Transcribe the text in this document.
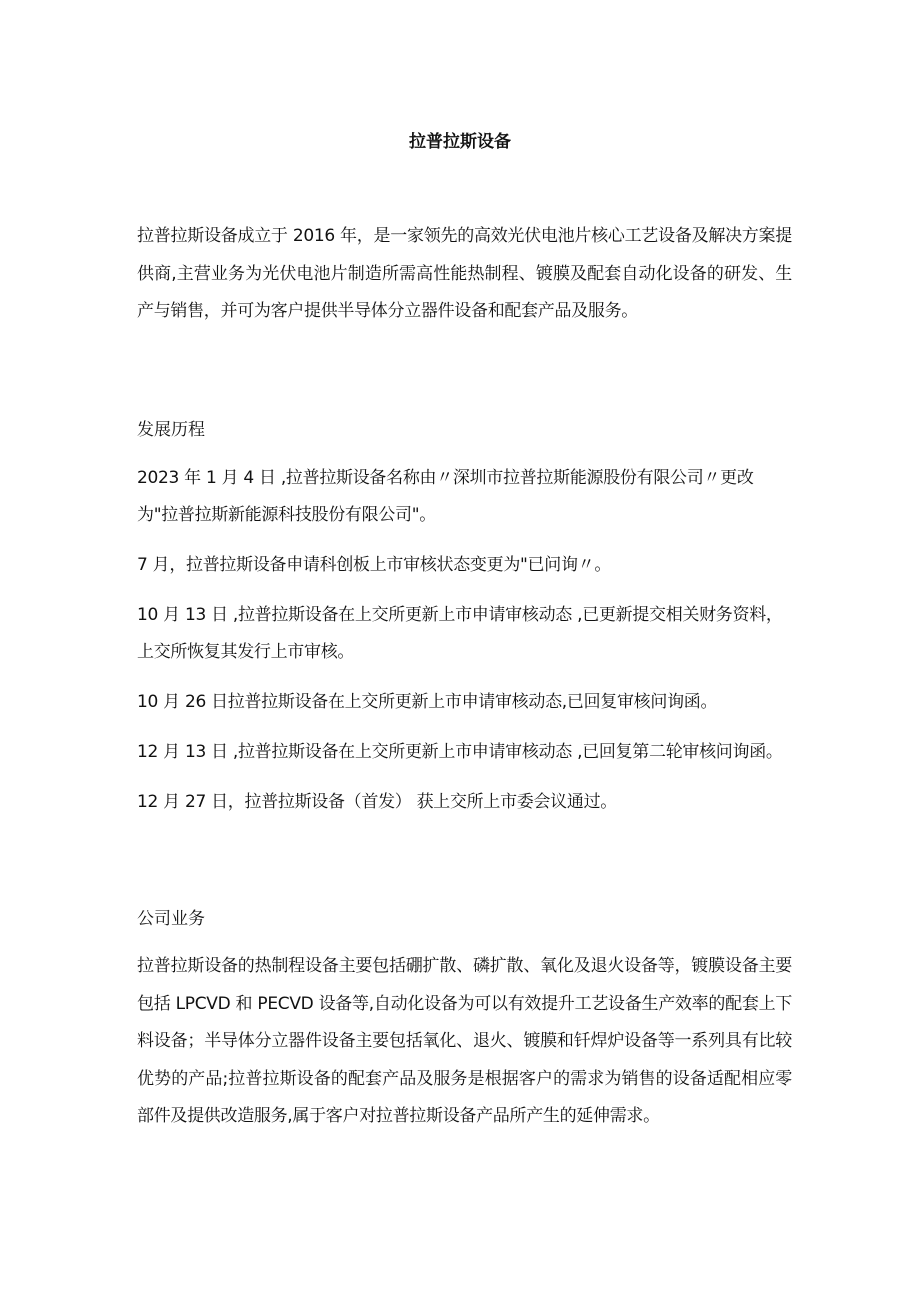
拉普拉斯设备

拉普拉斯设备成立于 2016 年，是一家领先的高效光伏电池片核心工艺设备及解决方案提供商,主营业务为光伏电池片制造所需高性能热制程、镀膜及配套自动化设备的研发、生产与销售，并可为客户提供半导体分立器件设备和配套产品及服务。

发展历程

2023 年 1 月 4 日 ,拉普拉斯设备名称由〃深圳市拉普拉斯能源股份有限公司〃更改为"拉普拉斯新能源科技股份有限公司"。

7 月，拉普拉斯设备申请科创板上市审核状态变更为"已问询〃。

10 月 13 日 ,拉普拉斯设备在上交所更新上市申请审核动态 ,已更新提交相关财务资料，上交所恢复其发行上市审核。

10 月 26 日拉普拉斯设备在上交所更新上市申请审核动态,已回复审核问询函。

12 月 13 日 ,拉普拉斯设备在上交所更新上市申请审核动态 ,已回复第二轮审核问询函。

12 月 27 日，拉普拉斯设备（首发） 获上交所上市委会议通过。

公司业务

拉普拉斯设备的热制程设备主要包括硼扩散、磷扩散、氧化及退火设备等，镀膜设备主要包括 LPCVD 和 PECVD 设备等,自动化设备为可以有效提升工艺设备生产效率的配套上下料设备；半导体分立器件设备主要包括氧化、退火、镀膜和钎焊炉设备等一系列具有比较优势的产品;拉普拉斯设备的配套产品及服务是根据客户的需求为销售的设备适配相应零部件及提供改造服务,属于客户对拉普拉斯设备产品所产生的延伸需求。
